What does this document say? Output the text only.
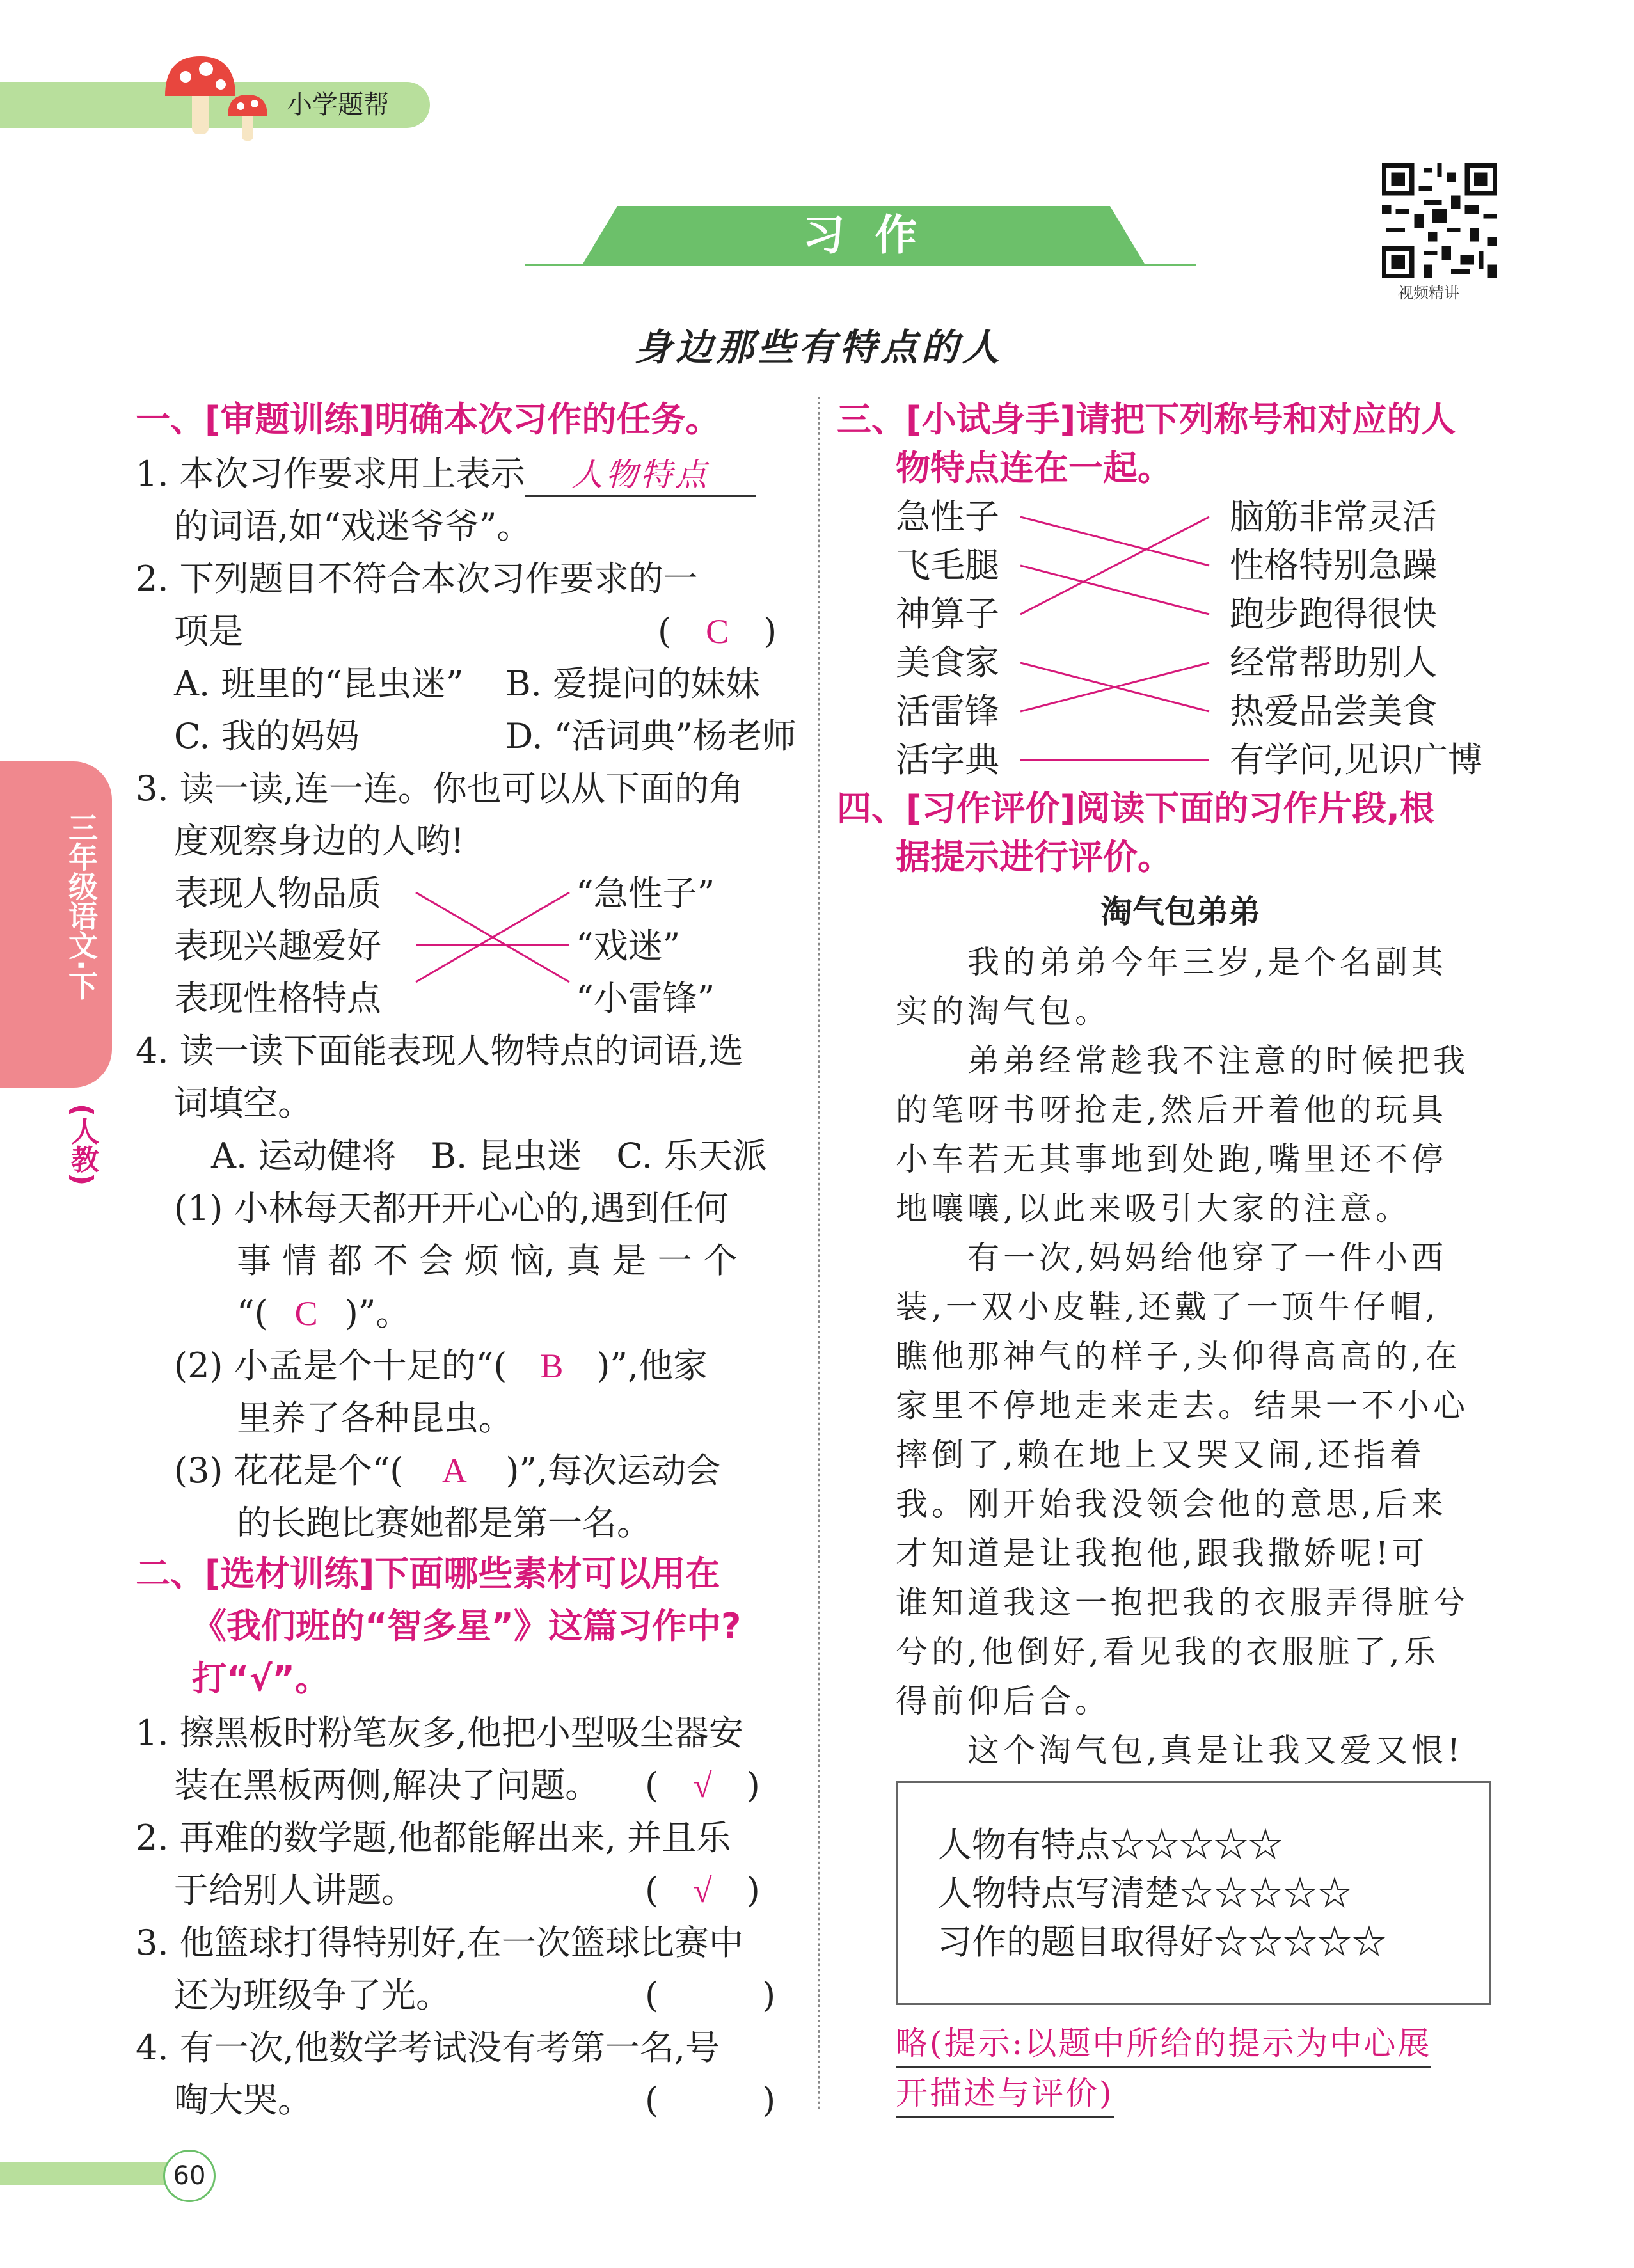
小学题帮
视频精讲
习 作
身边那些有特点的人
三年级语文·下
(人教)
一、[审题训练]明确本次习作的任务。
1. 本次习作要求用上表示 人物特点
的词语,如“戏迷爷爷”。
2. 下列题目不符合本次习作要求的一
项是	(　C　)
A. 班里的“昆虫迷” B. 爱提问的妹妹
C. 我的妈妈	D. “活词典”杨老师
3. 读一读,连一连。你也可以从下面的角
度观察身边的人哟!
表现人物品质
表现兴趣爱好
表现性格特点
“急性子”
“戏迷”
“小雷锋”
4. 读一读下面能表现人物特点的词语,选
词填空。
A. 运动健将　B. 昆虫迷　C. 乐天派
(1) 小林每天都开开心心的,遇到任何
事 情 都 不 会 烦 恼, 真 是 一 个
“( C )”。
(2) 小孟是个十足的“( B )”,他家
里养了各种昆虫。
(3) 花花是个“( A )”,每次运动会
的长跑比赛她都是第一名。
二、[选材训练]下面哪些素材可以用在
《我们班的“智多星”》这篇习作中?
打“√”。
1. 擦黑板时粉笔灰多,他把小型吸尘器安
装在黑板两侧,解决了问题。 (　√　)
2. 再难的数学题,他都能解出来, 并且乐
于给别人讲题。	(　√　)
3. 他篮球打得特别好,在一次篮球比赛中
还为班级争了光。	(　　　)
4. 有一次,他数学考试没有考第一名,号
啕大哭。	(　　　)
三、[小试身手]请把下列称号和对应的人
物特点连在一起。
急性子
飞毛腿
神算子
美食家
活雷锋
活字典
脑筋非常灵活
性格特别急躁
跑步跑得很快
经常帮助别人
热爱品尝美食
有学问,见识广博
四、[习作评价]阅读下面的习作片段,根
据提示进行评价。
淘气包弟弟
　　我的弟弟今年三岁,是个名副其
实的淘气包。
　　弟弟经常趁我不注意的时候把我
的笔呀书呀抢走,然后开着他的玩具
小车若无其事地到处跑,嘴里还不停
地嚷嚷,以此来吸引大家的注意。
　　有一次,妈妈给他穿了一件小西
装,一双小皮鞋,还戴了一顶牛仔帽,
瞧他那神气的样子,头仰得高高的,在
家里不停地走来走去。结果一不小心
摔倒了,赖在地上又哭又闹,还指着
我。刚开始我没领会他的意思,后来
才知道是让我抱他,跟我撒娇呢!可
谁知道我这一抱把我的衣服弄得脏兮
兮的,他倒好,看见我的衣服脏了,乐
得前仰后合。
　　这个淘气包,真是让我又爱又恨!
人物有特点☆☆☆☆☆
人物特点写清楚☆☆☆☆☆
习作的题目取得好☆☆☆☆☆
略(提示:以题中所给的提示为中心展
开描述与评价)
60
